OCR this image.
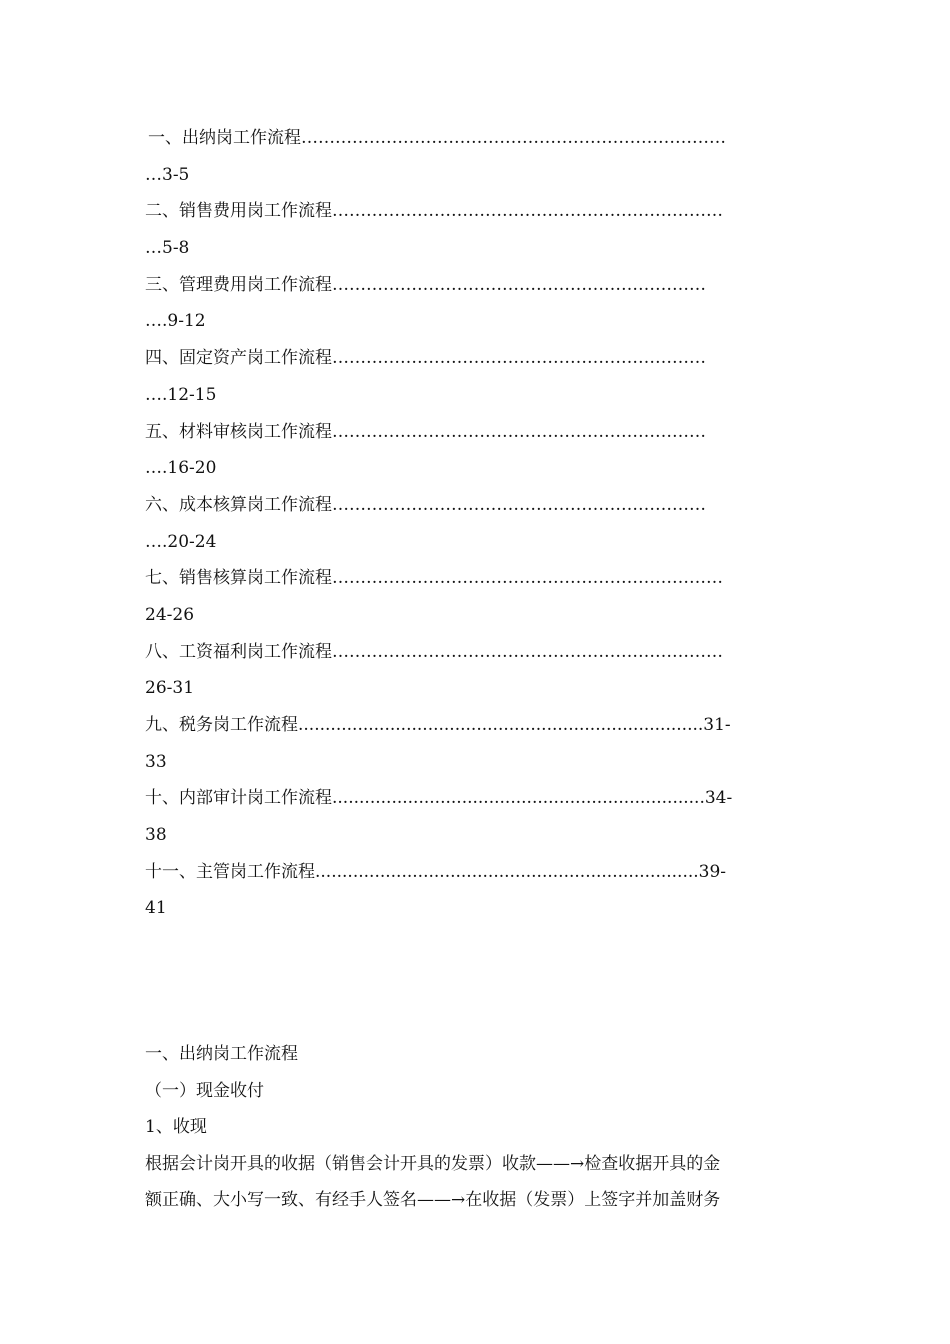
一、出纳岗工作流程…………………………………………………………………
…3-5
二、销售费用岗工作流程……………………………………………………………
…5-8
三、管理费用岗工作流程…………………………………………………………
….9-12
四、固定资产岗工作流程…………………………………………………………
….12-15
五、材料审核岗工作流程…………………………………………………………
….16-20
六、成本核算岗工作流程…………………………………………………………
….20-24
七、销售核算岗工作流程……………………………………………………………
24-26
八、工资福利岗工作流程……………………………………………………………
26-31
九、税务岗工作流程...........................................................................31-
33
十、内部审计岗工作流程.....................................................................34-
38
十一、主管岗工作流程.......................................................................39-
41
一、出纳岗工作流程
（一）现金收付
1、收现
根据会计岗开具的收据（销售会计开具的发票）收款——→检查收据开具的金
额正确、大小写一致、有经手人签名——→在收据（发票）上签字并加盖财务
